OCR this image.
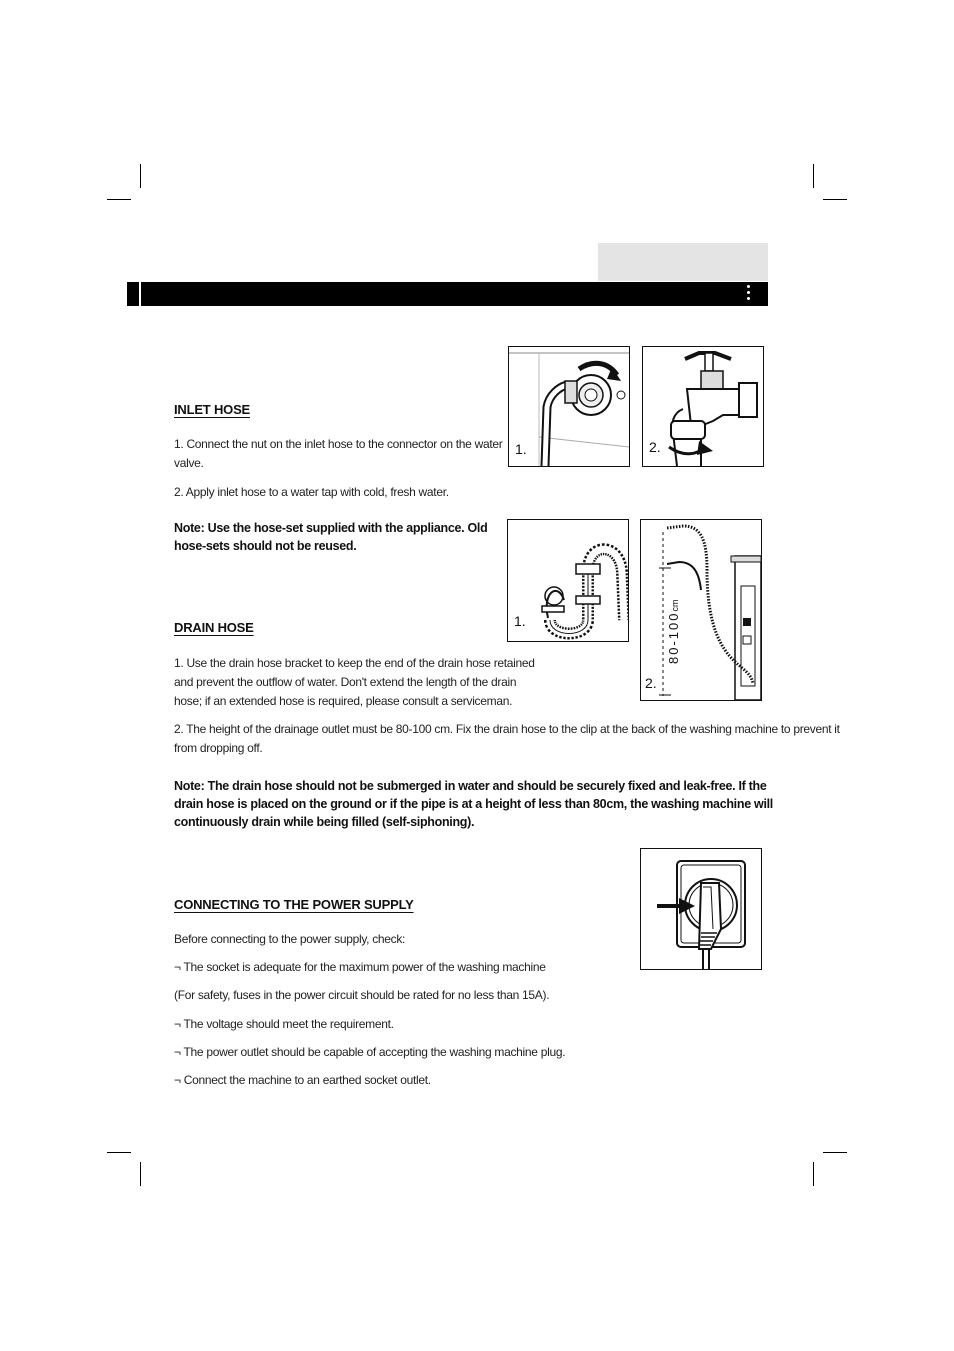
INLET HOSE
1. Connect the nut on the inlet hose to the connector on the water
valve.
2. Apply inlet hose to a water tap with cold, fresh water.
Note: Use the hose-set supplied with the appliance. Old
hose-sets should not be reused.
1.	2.
DRAIN HOSE
1. Use the drain hose bracket to keep the end of the drain hose retained
and prevent the outflow of water. Don't extend the length of the drain
hose; if an extended hose is required, please consult a serviceman.
2. The height of the drainage outlet must be 80-100 cm. Fix the drain hose to the clip at the back of the washing machine to prevent it
from dropping off.
Note: The drain hose should not be submerged in water and should be securely fixed and leak-free. If the
drain hose is placed on the ground or if the pipe is at a height of less than 80cm, the washing machine will
continuously drain while being filled (self-siphoning).
1.	80-100cm
2.
CONNECTING TO THE POWER SUPPLY
Before connecting to the power supply, check:
¬ The socket is adequate for the maximum power of the washing machine
(For safety, fuses in the power circuit should be rated for no less than 15A).
¬ The voltage should meet the requirement.
¬ The power outlet should be capable of accepting the washing machine plug.
¬ Connect the machine to an earthed socket outlet.
